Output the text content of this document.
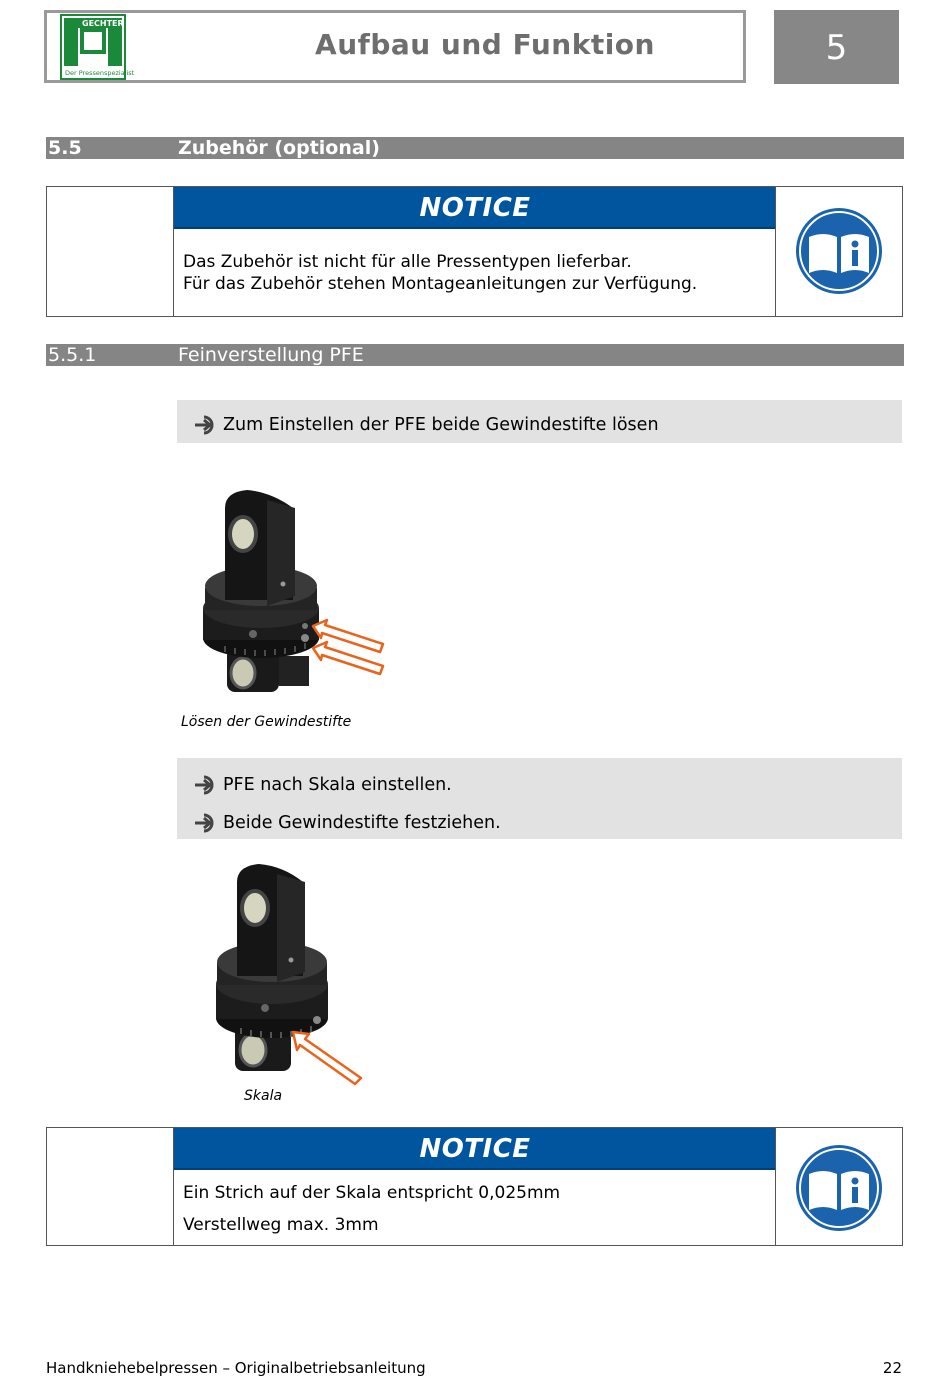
GECHTER
Der Pressenspezialist
Aufbau und Funktion	5
5.5	Zubehör (optional)
NOTICE
Das Zubehör ist nicht für alle Pressentypen lieferbar.
Für das Zubehör stehen Montageanleitungen zur Verfügung.
5.5.1	Feinverstellung PFE
Zum Einstellen der PFE beide Gewindestifte lösen
Lösen der Gewindestifte
PFE nach Skala einstellen.
Beide Gewindestifte festziehen.
Skala
NOTICE
Ein Strich auf der Skala entspricht 0,025mm
Verstellweg max. 3mm
Handkniehebelpressen – Originalbetriebsanleitung	22
